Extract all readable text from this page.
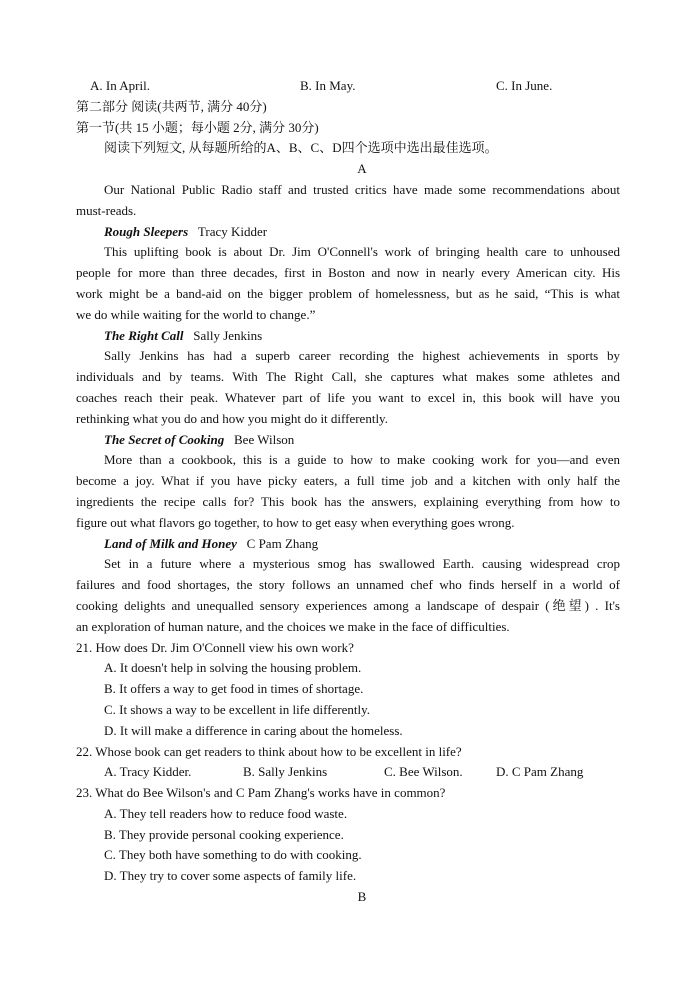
A. In April.	B. In May.	C. In June.
第二部分 阅读(共两节, 满分 40分)
第一节(共 15 小题；每小题 2分, 满分 30分)
阅读下列短文, 从每题所给的A、B、C、D四个选项中选出最佳选项。
A
Our National Public Radio staff and trusted critics have made some recommendations about
must-reads.
Rough Sleepers Tracy Kidder
This uplifting book is about Dr. Jim O'Connell's work of bringing health care to unhoused
people for more than three decades, first in Boston and now in nearly every American city. His
work might be a band-aid on the bigger problem of homelessness, but as he said, “This is what
we do while waiting for the world to change.”
The Right Call Sally Jenkins
Sally Jenkins has had a superb career recording the highest achievements in sports by
individuals and by teams. With The Right Call, she captures what makes some athletes and
coaches reach their peak. Whatever part of life you want to excel in, this book will have you
rethinking what you do and how you might do it differently.
The Secret of Cooking Bee Wilson
More than a cookbook, this is a guide to how to make cooking work for you—and even
become a joy. What if you have picky eaters, a full time job and a kitchen with only half the
ingredients the recipe calls for? This book has the answers, explaining everything from how to
figure out what flavors go together, to how to get easy when everything goes wrong.
Land of Milk and Honey C Pam Zhang
Set in a future where a mysterious smog has swallowed Earth. causing widespread crop
failures and food shortages, the story follows an unnamed chef who finds herself in a world of
cooking delights and unequalled sensory experiences among a landscape of despair (绝望) . It's
an exploration of human nature, and the choices we make in the face of difficulties.
21. How does Dr. Jim O'Connell view his own work?
A. It doesn't help in solving the housing problem.
B. It offers a way to get food in times of shortage.
C. It shows a way to be excellent in life differently.
D. It will make a difference in caring about the homeless.
22. Whose book can get readers to think about how to be excellent in life?
A. Tracy Kidder.	B. Sally Jenkins	C. Bee Wilson.	D. C Pam Zhang
23. What do Bee Wilson's and C Pam Zhang's works have in common?
A. They tell readers how to reduce food waste.
B. They provide personal cooking experience.
C. They both have something to do with cooking.
D. They try to cover some aspects of family life.
B
